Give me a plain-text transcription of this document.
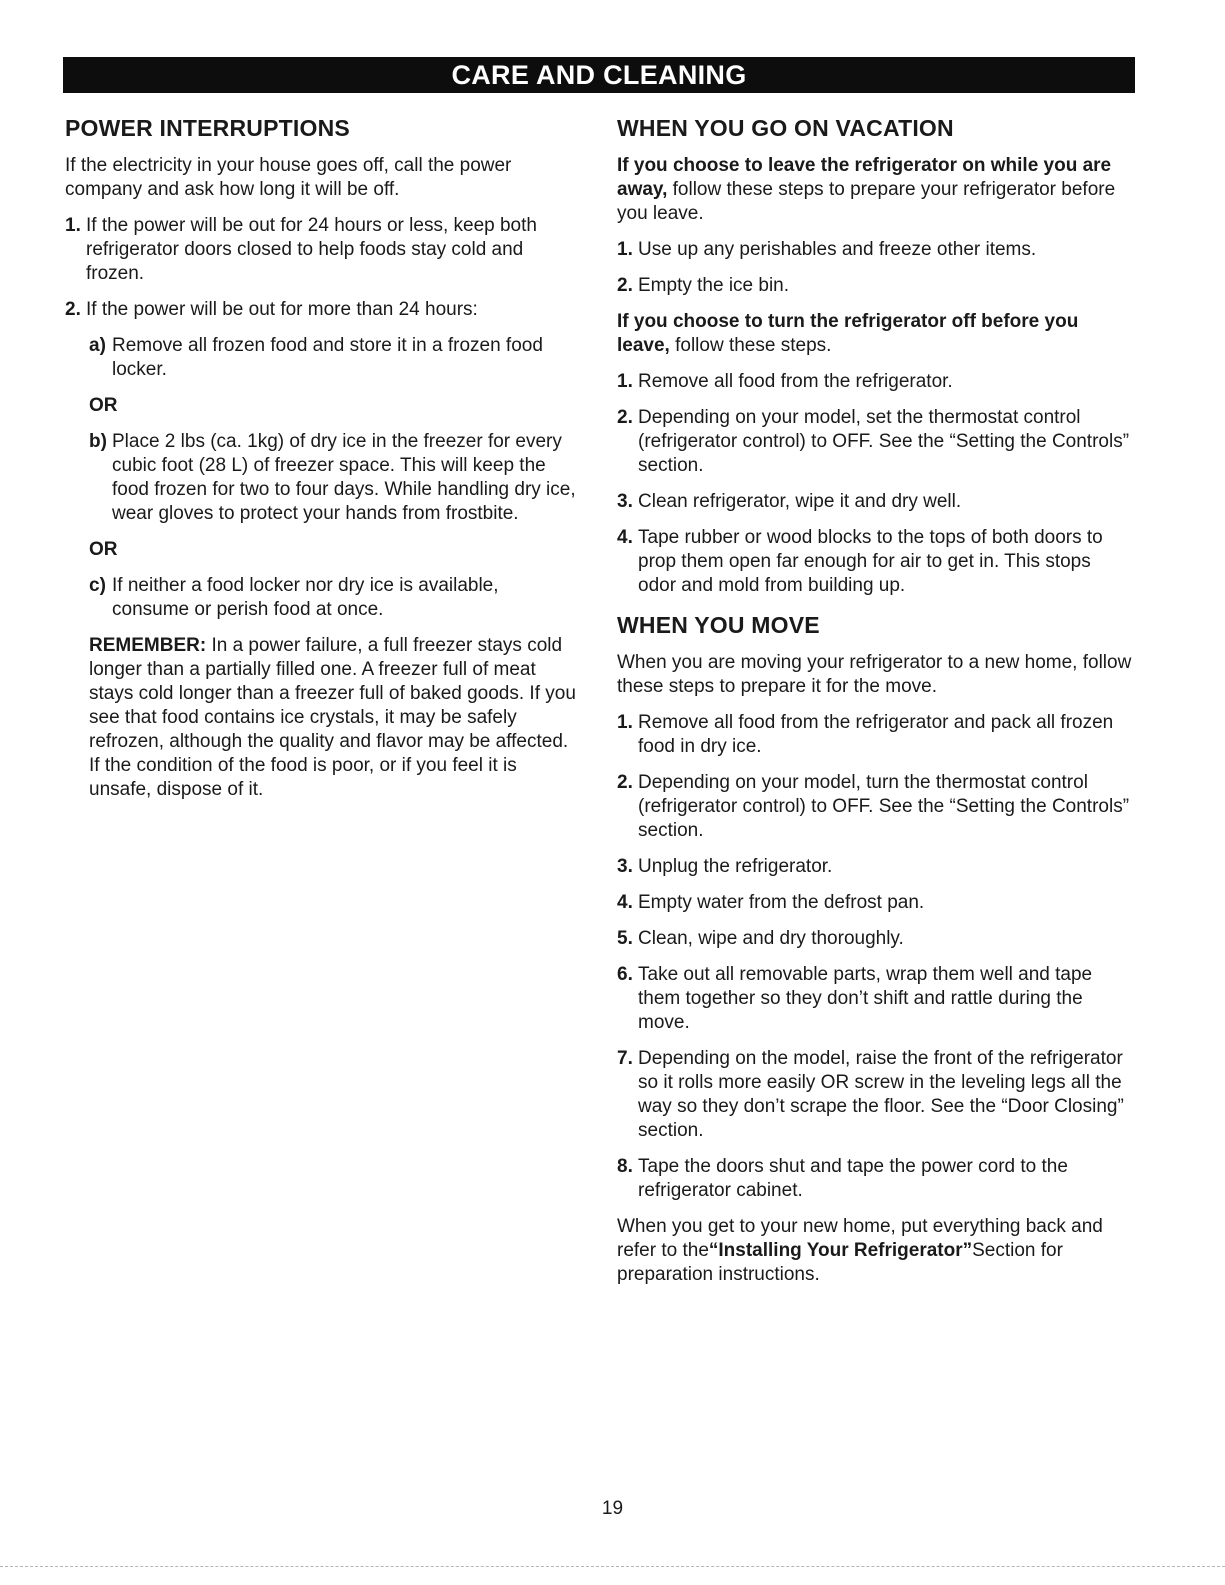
CARE AND CLEANING
POWER INTERRUPTIONS

If the electricity in your house goes off, call the power company and ask how long it will be off.

1. If the power will be out for 24 hours or less, keep both refrigerator doors closed to help foods stay cold and frozen.
2. If the power will be out for more than 24 hours:
a) Remove all frozen food and store it in a frozen food locker.
OR
b) Place 2 lbs (ca. 1kg) of dry ice in the freezer for every cubic foot (28 L) of freezer space. This will keep the food frozen for two to four days. While handling dry ice, wear gloves to protect your hands from frostbite.
OR
c) If neither a food locker nor dry ice is available, consume or perish food at once.

REMEMBER: In a power failure, a full freezer stays cold longer than a partially filled one. A freezer full of meat stays cold longer than a freezer full of baked goods. If you see that food contains ice crystals, it may be safely refrozen, although the quality and flavor may be affected. If the condition of the food is poor, or if you feel it is unsafe, dispose of it.

WHEN YOU GO ON VACATION

If you choose to leave the refrigerator on while you are away, follow these steps to prepare your refrigerator before you leave.

1. Use up any perishables and freeze other items.
2. Empty the ice bin.

If you choose to turn the refrigerator off before you leave, follow these steps.

1. Remove all food from the refrigerator.
2. Depending on your model, set the thermostat control (refrigerator control) to OFF. See the “Setting the Controls” section.
3. Clean refrigerator, wipe it and dry well.
4. Tape rubber or wood blocks to the tops of both doors to prop them open far enough for air to get in. This stops odor and mold from building up.
WHEN YOU MOVE

When you are moving your refrigerator to a new home, follow these steps to prepare it for the move.

1. Remove all food from the refrigerator and pack all frozen food in dry ice.
2. Depending on your model, turn the thermostat control (refrigerator control) to OFF. See the “Setting the Controls” section.
3. Unplug the refrigerator.
4. Empty water from the defrost pan.
5. Clean, wipe and dry thoroughly.
6. Take out all removable parts, wrap them well and tape them together so they don’t shift and rattle during the move.
7. Depending on the model, raise the front of the refrigerator so it rolls more easily OR screw in the leveling legs all the way so they don’t scrape the floor. See the “Door Closing” section.
8. Tape the doors shut and tape the power cord to the refrigerator cabinet.

When you get to your new home, put everything back and refer to the“Installing Your Refrigerator”Section for preparation instructions.

19
